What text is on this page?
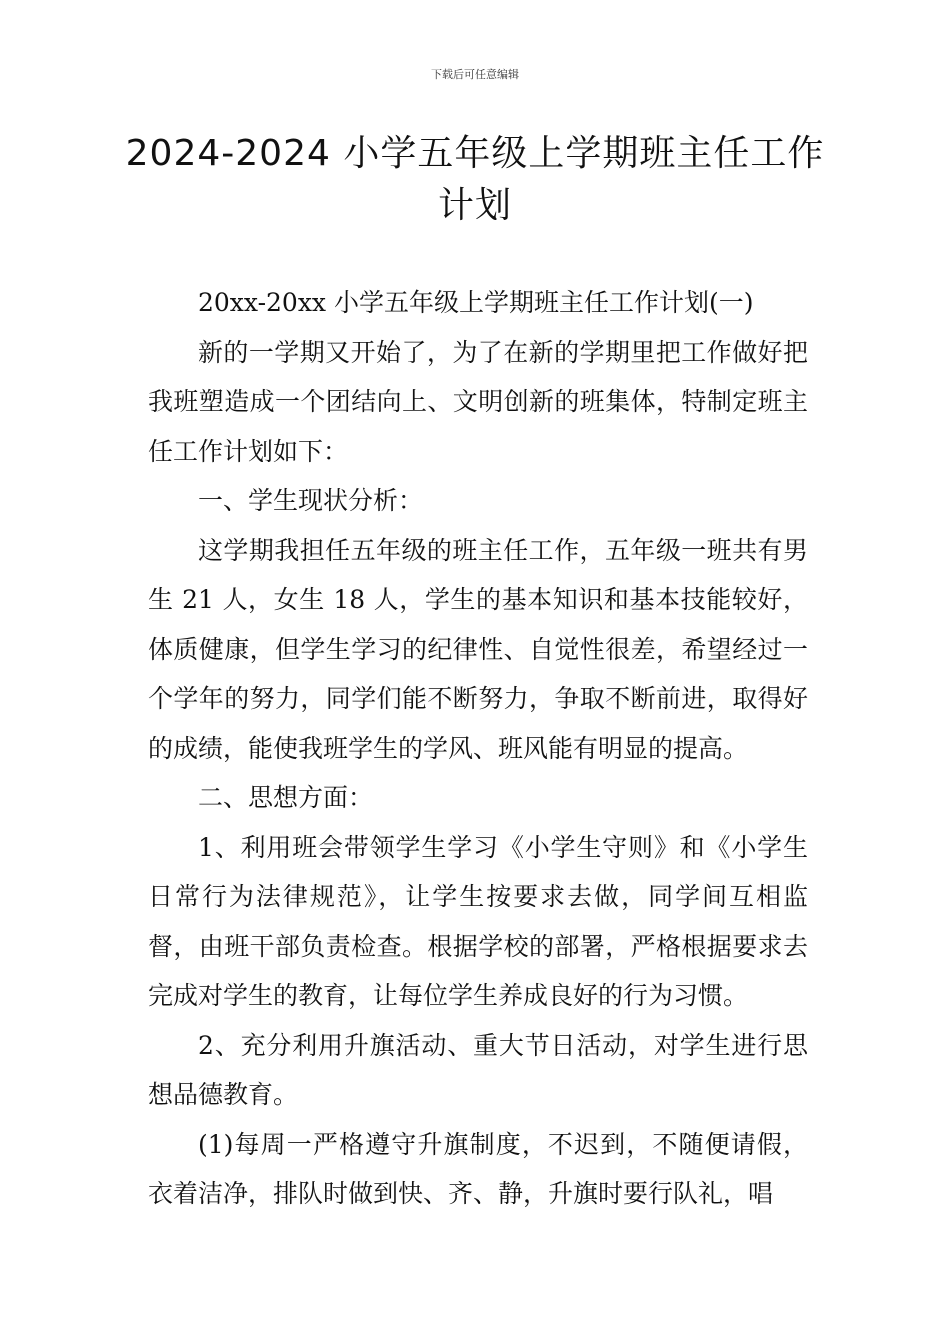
下载后可任意编辑
2024-2024 小学五年级上学期班主任工作计划

20xx-20xx 小学五年级上学期班主任工作计划(一)

新的一学期又开始了，为了在新的学期里把工作做好把我班塑造成一个团结向上、文明创新的班集体，特制定班主任工作计划如下：

一、学生现状分析：

这学期我担任五年级的班主任工作，五年级一班共有男生 21 人，女生 18 人，学生的基本知识和基本技能较好，体质健康，但学生学习的纪律性、自觉性很差，希望经过一个学年的努力，同学们能不断努力，争取不断前进，取得好的成绩，能使我班学生的学风、班风能有明显的提高。

二、思想方面：

1、利用班会带领学生学习《小学生守则》和《小学生日常行为法律规范》，让学生按要求去做，同学间互相监督，由班干部负责检查。根据学校的部署，严格根据要求去完成对学生的教育，让每位学生养成良好的行为习惯。

2、充分利用升旗活动、重大节日活动，对学生进行思想品德教育。

(1)每周一严格遵守升旗制度，不迟到，不随便请假，衣着洁净，排队时做到快、齐、静，升旗时要行队礼，唱
